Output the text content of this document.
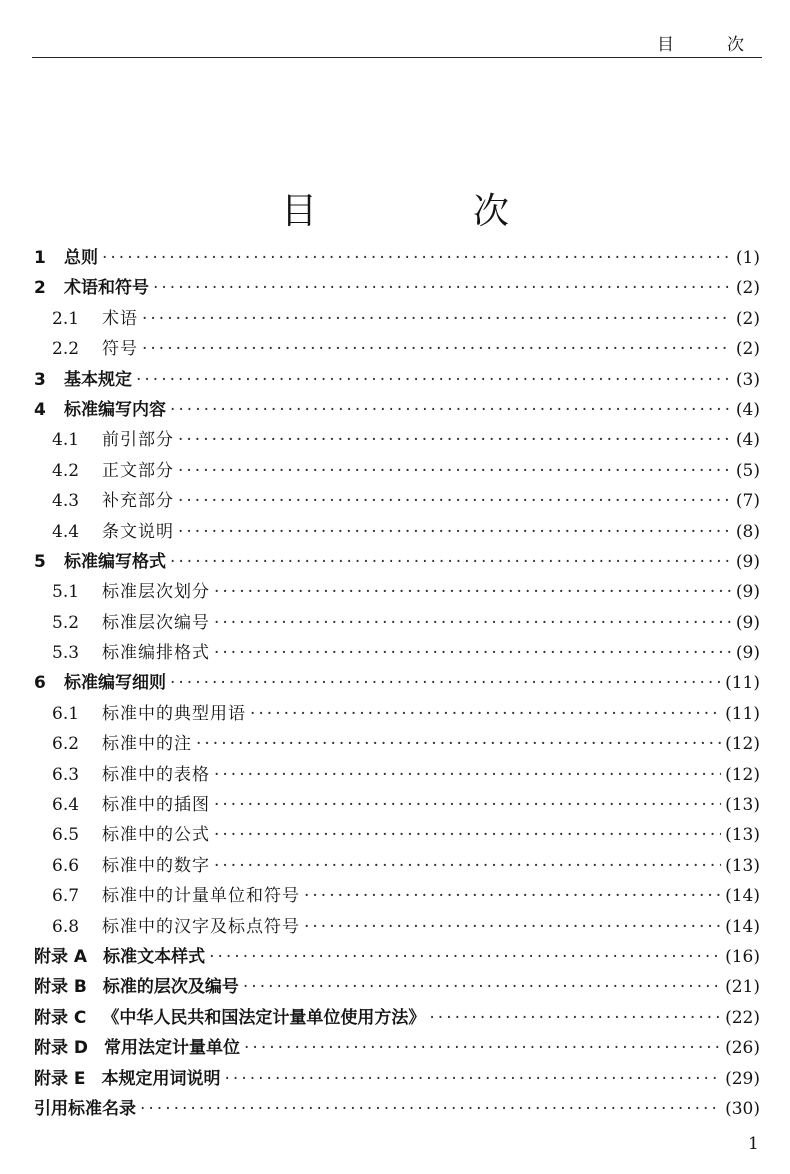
目　次
目　次
1	总则 ·····	(1)
2	术语和符号 ·····	(2)
2.1	术语 ·····	(2)
2.2	符号 ·····	(2)
3	基本规定 ·····	(3)
4	标准编写内容 ·····	(4)
4.1	前引部分 ·····	(4)
4.2	正文部分 ·····	(5)
4.3	补充部分 ·····	(7)
4.4	条文说明 ·····	(8)
5	标准编写格式 ·····	(9)
5.1	标准层次划分 ·····	(9)
5.2	标准层次编号 ·····	(9)
5.3	标准编排格式 ·····	(9)
6	标准编写细则 ·····	(11)
6.1	标准中的典型用语 ·····	(11)
6.2	标准中的注 ·····	(12)
6.3	标准中的表格 ·····	(12)
6.4	标准中的插图 ·····	(13)
6.5	标准中的公式 ·····	(13)
6.6	标准中的数字 ·····	(13)
6.7	标准中的计量单位和符号 ·····	(14)
6.8	标准中的汉字及标点符号 ·····	(14)
附录 A 标准文本样式 ·····	(16)
附录 B 标准的层次及编号 ·····	(21)
附录 C 《中华人民共和国法定计量单位使用方法》 ·····	(22)
附录 D 常用法定计量单位 ·····	(26)
附录 E 本规定用词说明 ·····	(29)
引用标准名录 ·····	(30)
1
